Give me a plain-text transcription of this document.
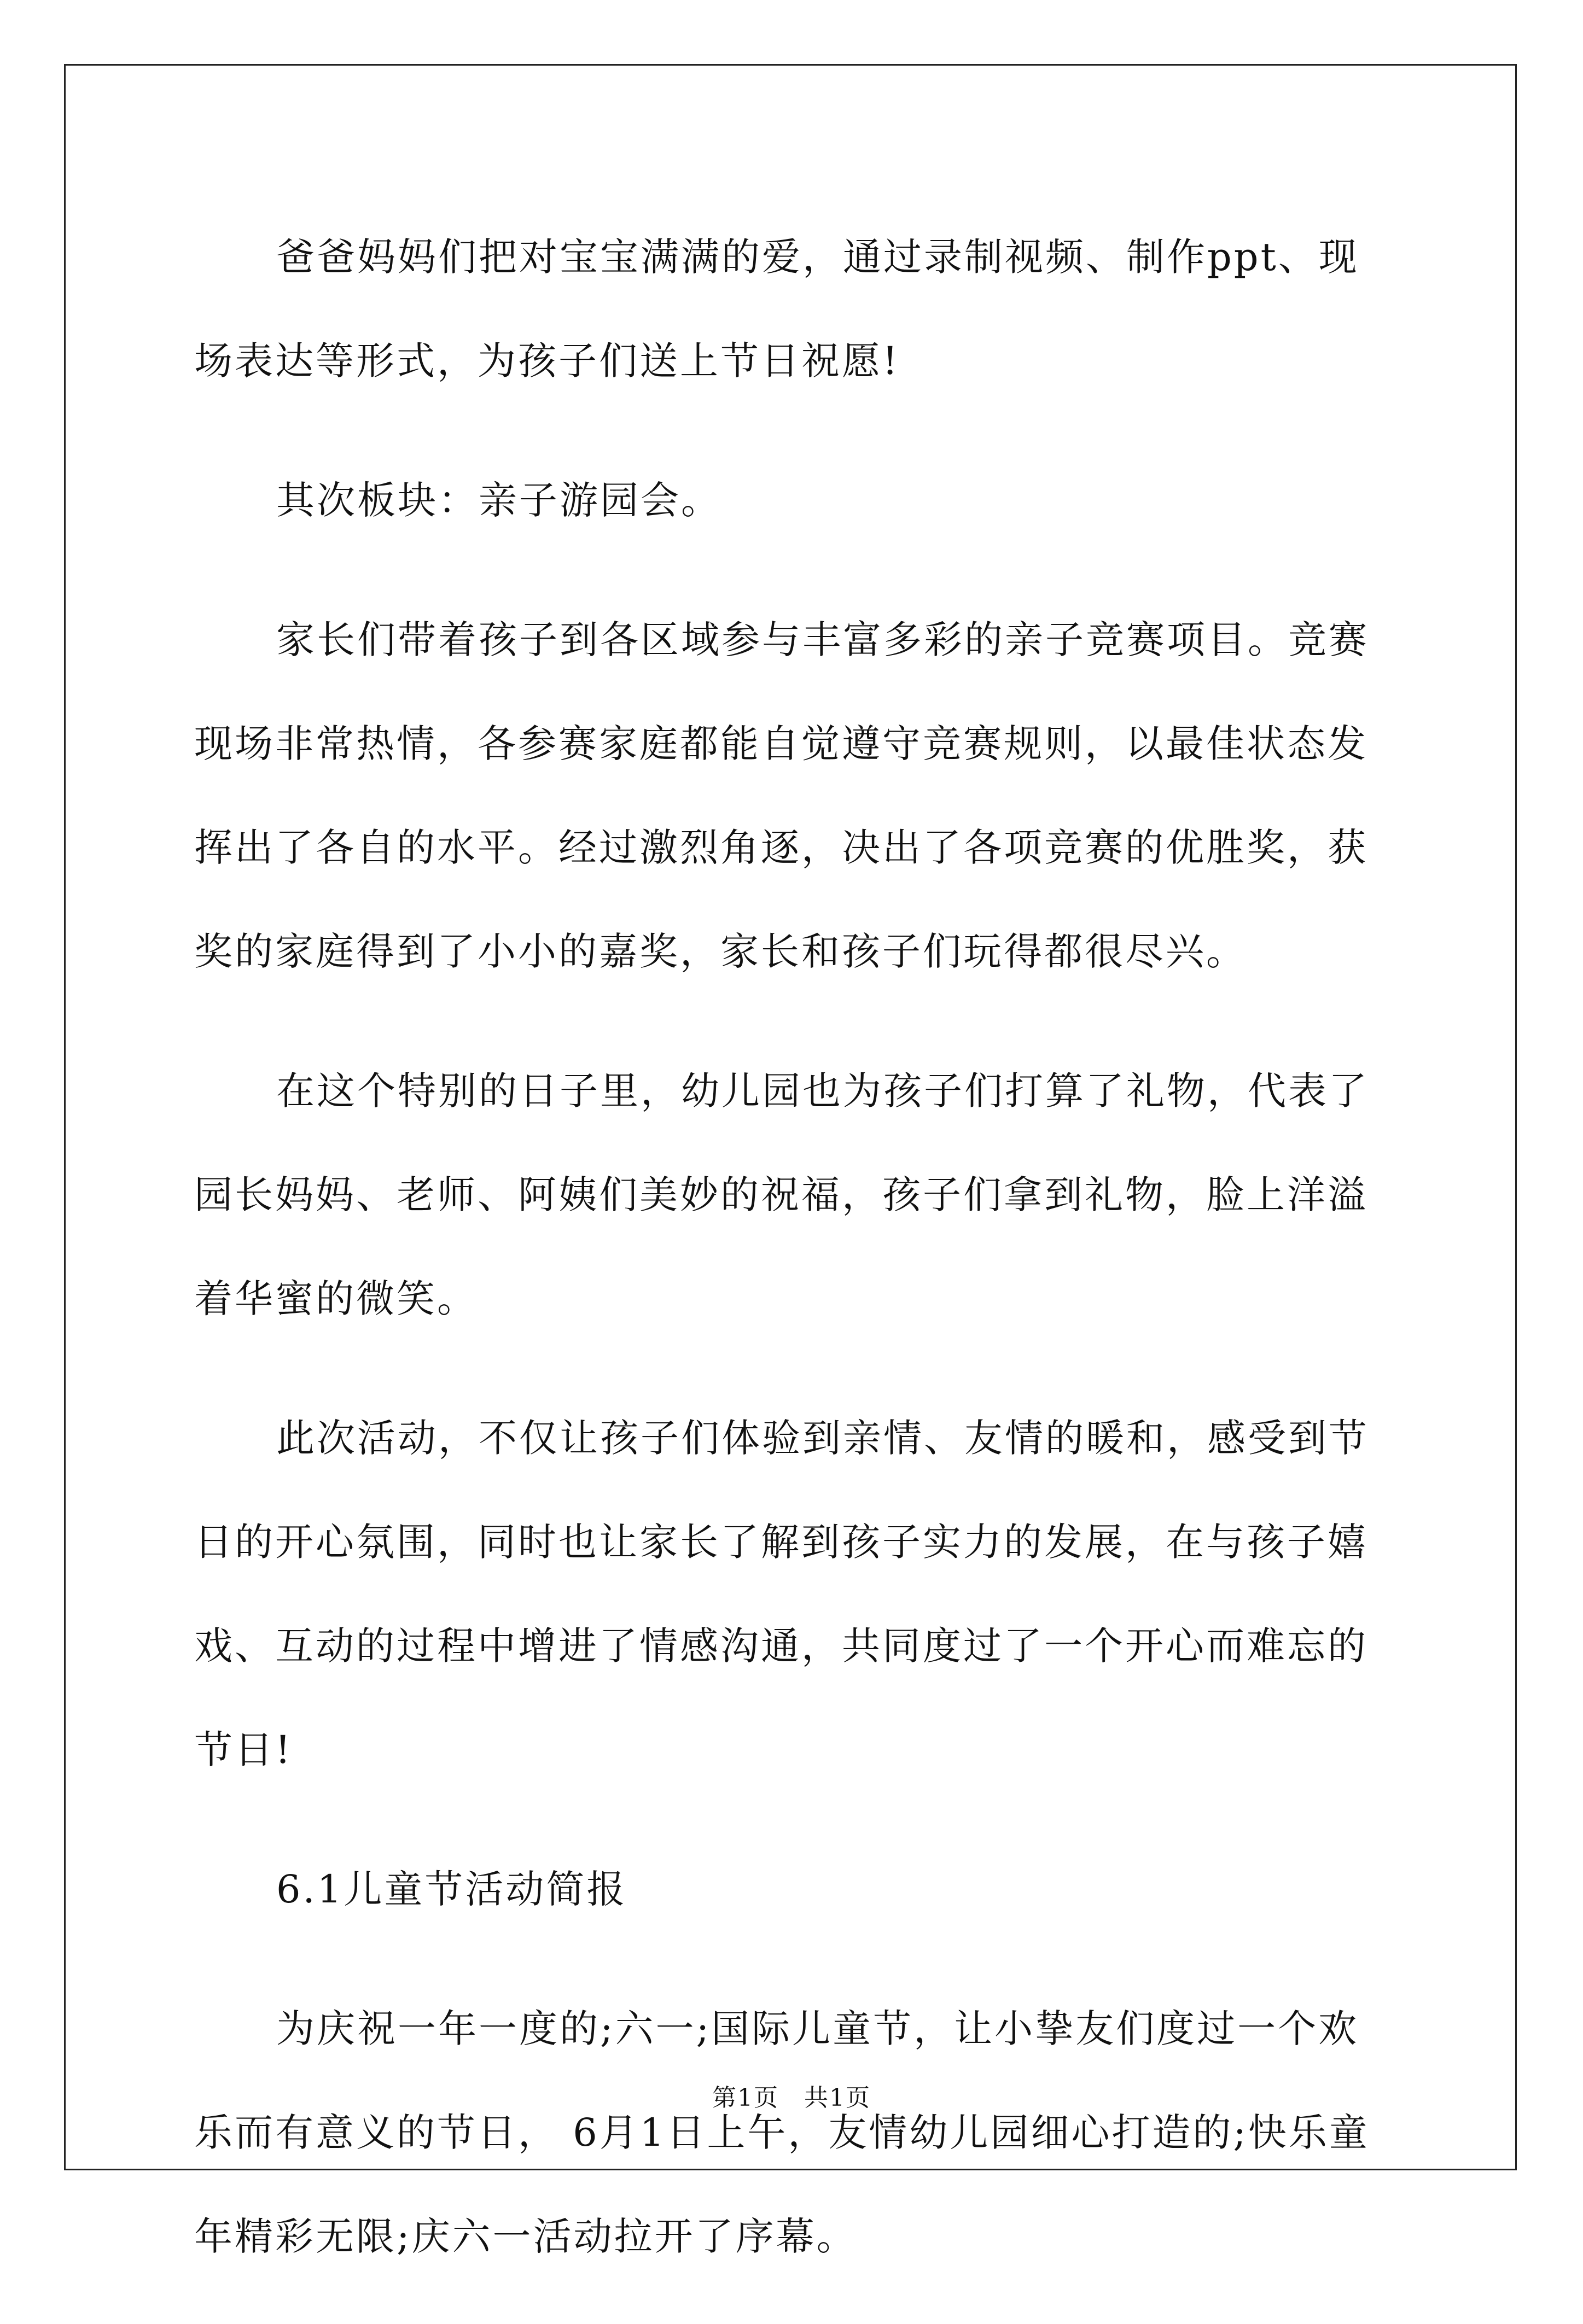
爸爸妈妈们把对宝宝满满的爱，通过录制视频、制作ppt、现场表达等形式，为孩子们送上节日祝愿!

其次板块：亲子游园会。

家长们带着孩子到各区域参与丰富多彩的亲子竞赛项目。竞赛现场非常热情，各参赛家庭都能自觉遵守竞赛规则，以最佳状态发挥出了各自的水平。经过激烈角逐，决出了各项竞赛的优胜奖，获奖的家庭得到了小小的嘉奖，家长和孩子们玩得都很尽兴。

在这个特别的日子里，幼儿园也为孩子们打算了礼物，代表了园长妈妈、老师、阿姨们美妙的祝福，孩子们拿到礼物，脸上洋溢着华蜜的微笑。

此次活动，不仅让孩子们体验到亲情、友情的暖和，感受到节日的开心氛围，同时也让家长了解到孩子实力的发展，在与孩子嬉戏、互动的过程中增进了情感沟通，共同度过了一个开心而难忘的节日!

6.1儿童节活动简报

为庆祝一年一度的;六一;国际儿童节，让小挚友们度过一个欢乐而有意义的节日， 6月1日上午，友情幼儿园细心打造的;快乐童年精彩无限;庆六一活动拉开了序幕。

第1页　共1页
